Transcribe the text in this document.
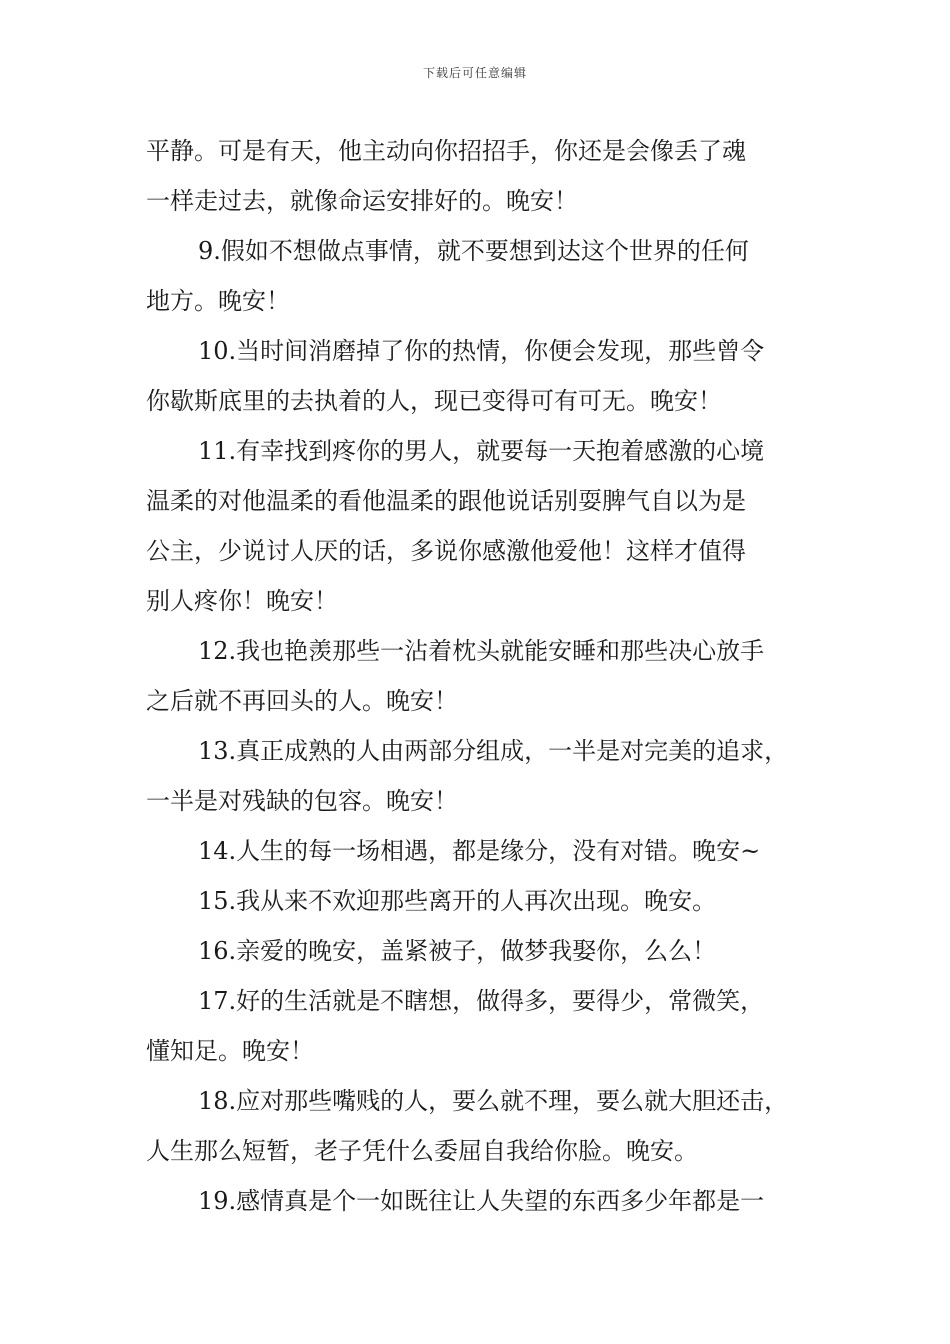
下载后可任意编辑
平静。可是有天，他主动向你招招手，你还是会像丢了魂
一样走过去，就像命运安排好的。晚安！
9.假如不想做点事情，就不要想到达这个世界的任何
地方。晚安！
10.当时间消磨掉了你的热情，你便会发现，那些曾令
你歇斯底里的去执着的人，现已变得可有可无。晚安！
11.有幸找到疼你的男人，就要每一天抱着感激的心境
温柔的对他温柔的看他温柔的跟他说话别耍脾气自以为是
公主，少说讨人厌的话，多说你感激他爱他！这样才值得
别人疼你！晚安！
12.我也艳羡那些一沾着枕头就能安睡和那些决心放手
之后就不再回头的人。晚安！
13.真正成熟的人由两部分组成，一半是对完美的追求，
一半是对残缺的包容。晚安！
14.人生的每一场相遇，都是缘分，没有对错。晚安~
15.我从来不欢迎那些离开的人再次出现。晚安。
16.亲爱的晚安，盖紧被子，做梦我娶你，么么！
17.好的生活就是不瞎想，做得多，要得少，常微笑，
懂知足。晚安！
18.应对那些嘴贱的人，要么就不理，要么就大胆还击，
人生那么短暂，老子凭什么委屈自我给你脸。晚安。
19.感情真是个一如既往让人失望的东西多少年都是一
